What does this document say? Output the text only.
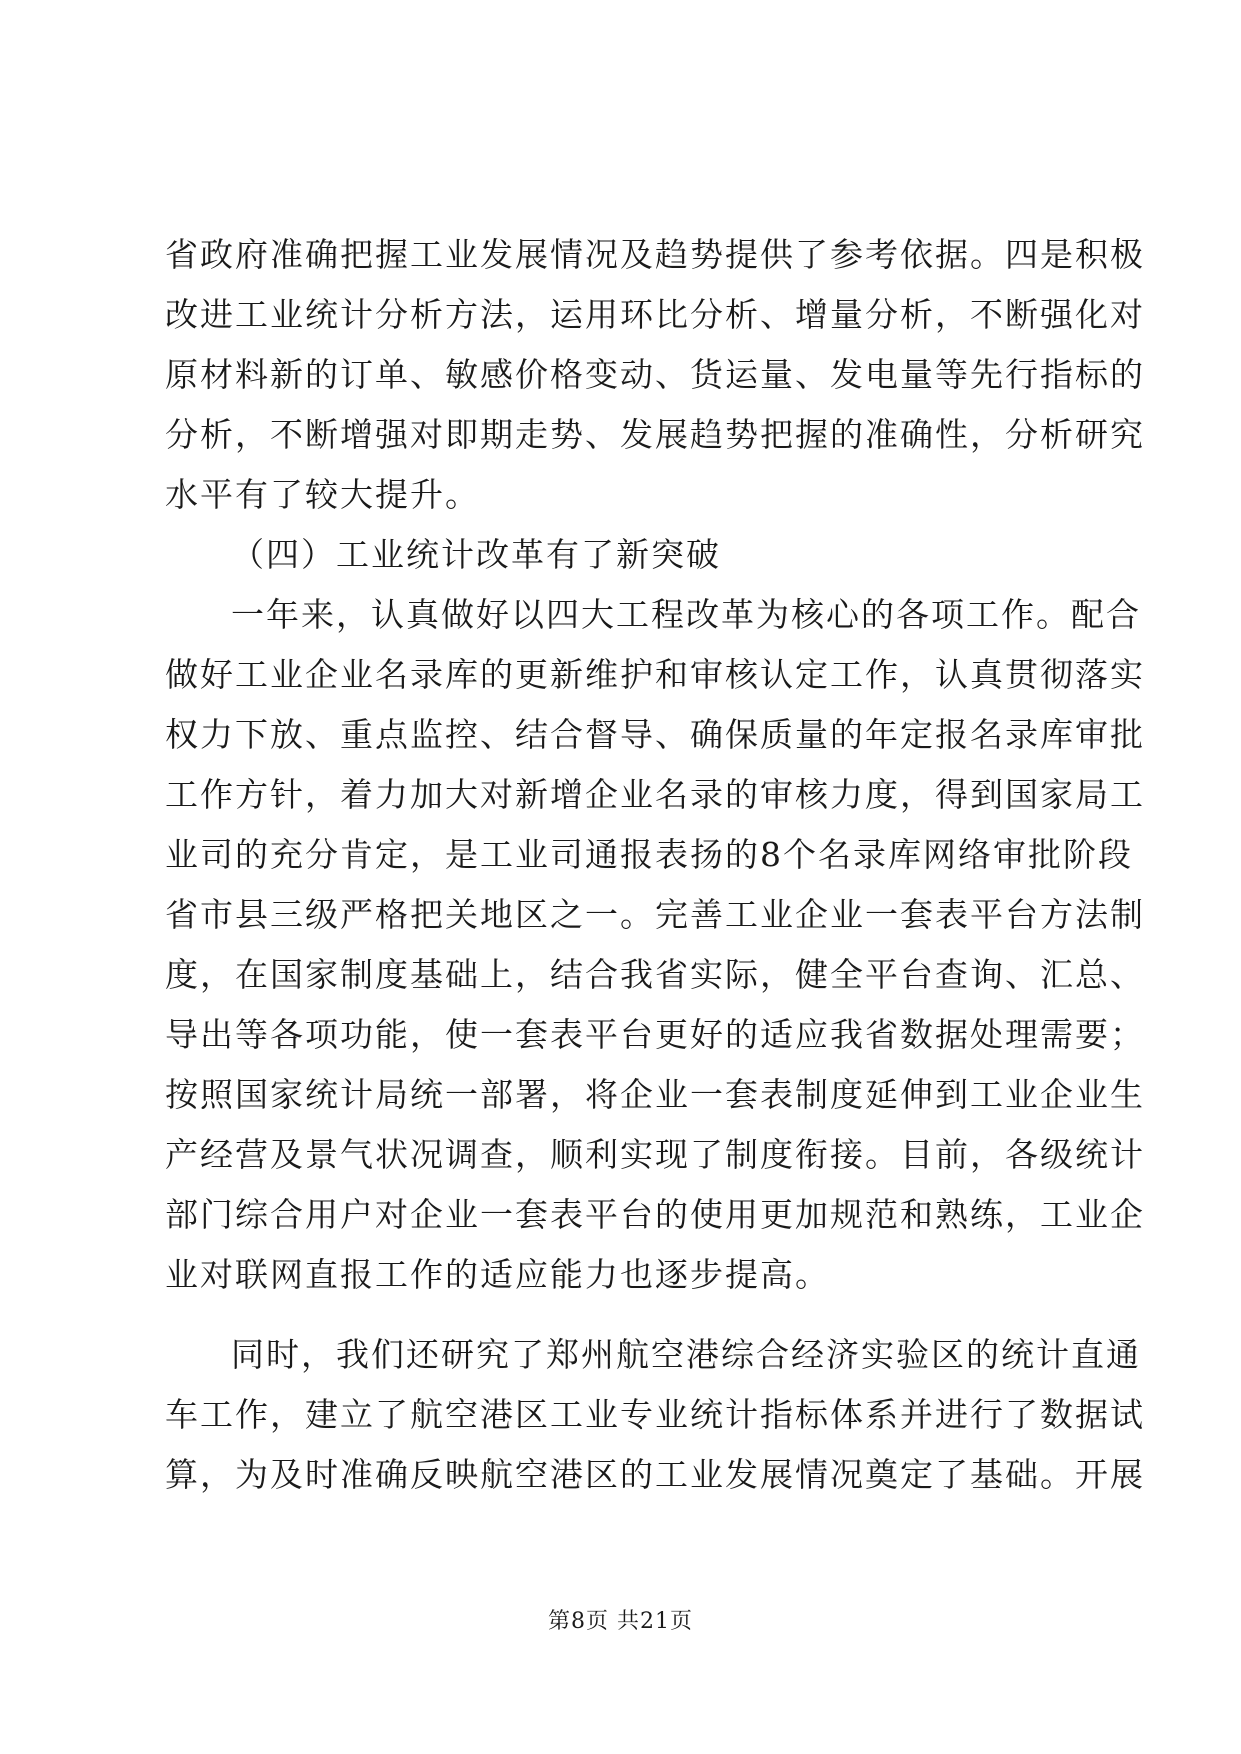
省政府准确把握工业发展情况及趋势提供了参考依据。四是积极
改进工业统计分析方法，运用环比分析、增量分析，不断强化对
原材料新的订单、敏感价格变动、货运量、发电量等先行指标的
分析，不断增强对即期走势、发展趋势把握的准确性，分析研究
水平有了较大提升。
（四）工业统计改革有了新突破
一年来，认真做好以四大工程改革为核心的各项工作。配合
做好工业企业名录库的更新维护和审核认定工作，认真贯彻落实
权力下放、重点监控、结合督导、确保质量的年定报名录库审批
工作方针，着力加大对新增企业名录的审核力度，得到国家局工
业司的充分肯定，是工业司通报表扬的8个名录库网络审批阶段
省市县三级严格把关地区之一。完善工业企业一套表平台方法制
度，在国家制度基础上，结合我省实际，健全平台查询、汇总、
导出等各项功能，使一套表平台更好的适应我省数据处理需要；
按照国家统计局统一部署，将企业一套表制度延伸到工业企业生
产经营及景气状况调查，顺利实现了制度衔接。目前，各级统计
部门综合用户对企业一套表平台的使用更加规范和熟练，工业企
业对联网直报工作的适应能力也逐步提高。
同时，我们还研究了郑州航空港综合经济实验区的统计直通
车工作，建立了航空港区工业专业统计指标体系并进行了数据试
算，为及时准确反映航空港区的工业发展情况奠定了基础。开展
第8页 共21页
